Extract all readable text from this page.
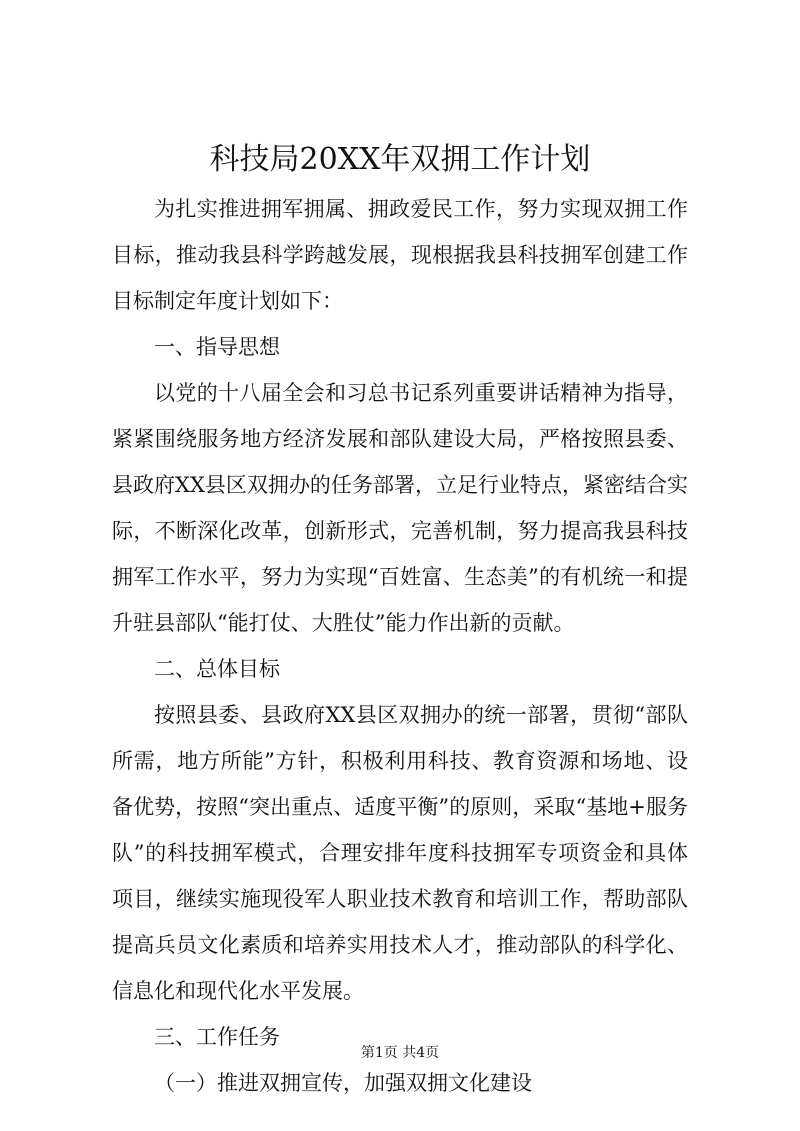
科技局20XX年双拥工作计划

为扎实推进拥军拥属、拥政爱民工作，努力实现双拥工作目标，推动我县科学跨越发展，现根据我县科技拥军创建工作目标制定年度计划如下：

一、指导思想

以党的十八届全会和习总书记系列重要讲话精神为指导，紧紧围绕服务地方经济发展和部队建设大局，严格按照县委、县政府XX县区双拥办的任务部署，立足行业特点，紧密结合实际，不断深化改革，创新形式，完善机制，努力提高我县科技拥军工作水平，努力为实现“百姓富、生态美”的有机统一和提升驻县部队“能打仗、大胜仗”能力作出新的贡献。

二、总体目标

按照县委、县政府XX县区双拥办的统一部署，贯彻“部队所需，地方所能”方针，积极利用科技、教育资源和场地、设备优势，按照“突出重点、适度平衡”的原则，采取“基地+服务队”的科技拥军模式，合理安排年度科技拥军专项资金和具体项目，继续实施现役军人职业技术教育和培训工作，帮助部队提高兵员文化素质和培养实用技术人才，推动部队的科学化、信息化和现代化水平发展。

三、工作任务

（一）推进双拥宣传，加强双拥文化建设

第1页 共4页
